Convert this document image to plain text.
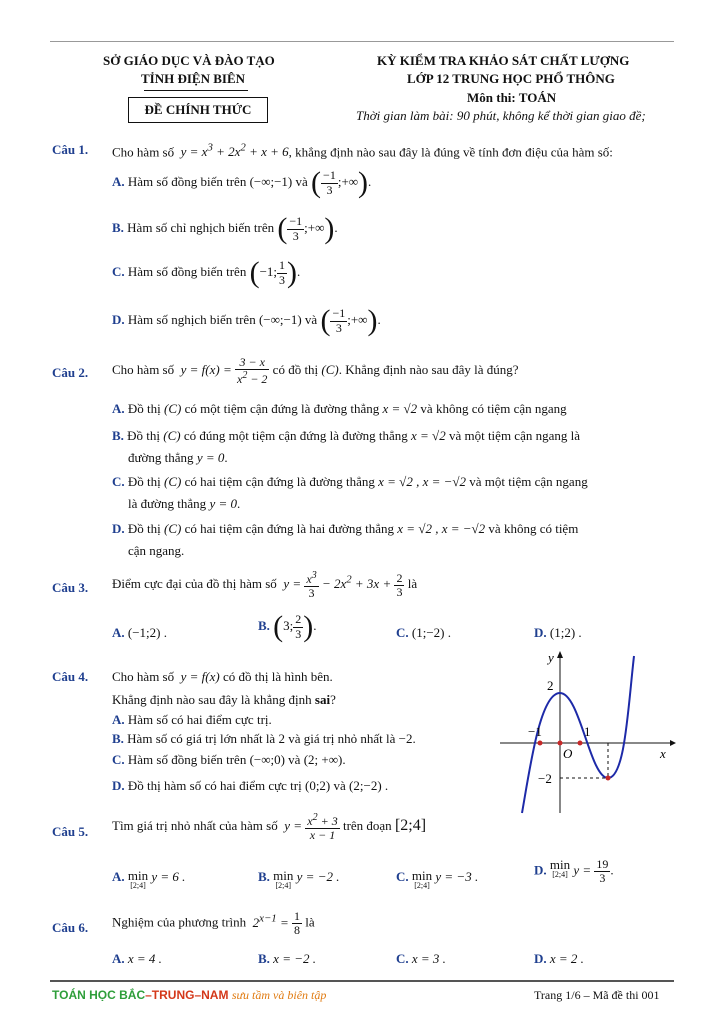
SỞ GIÁO DỤC VÀ ĐÀO TẠO
TỈNH ĐIỆN BIÊN
ĐỀ CHÍNH THỨC
KỲ KIỂM TRA KHẢO SÁT CHẤT LƯỢNG
LỚP 12 TRUNG HỌC PHỔ THÔNG
Môn thi: TOÁN
Thời gian làm bài: 90 phút, không kể thời gian giao đề;
Câu 1. Cho hàm số  $y = x^3 + 2x^2 + x + 6$, khẳng định nào sau đây là đúng về tính đơn điệu của hàm số:
A. Hàm số đồng biến trên (−∞;−1) và ( $\frac{-1}{3}$ ;+∞).
B. Hàm số chỉ nghịch biến trên ( $\frac{-1}{3}$ ;+∞).
C. Hàm số đồng biến trên (−1; $\frac{1}{3}$ ).
D. Hàm số nghịch biến trên (−∞;−1) và ( $\frac{-1}{3}$ ;+∞).
Câu 2. Cho hàm số  $y = f(x) = \frac{3 - x}{x^2 - 2}$ có đồ thị (C). Khẳng định nào sau đây là đúng?
A. Đồ thị (C) có một tiệm cận đứng là đường thẳng x = √2 và không có tiệm cận ngang
B. Đồ thị (C) có đúng một tiệm cận đứng là đường thẳng x = √2 và một tiệm cận ngang là
đường thẳng y = 0.
C. Đồ thị (C) có hai tiệm cận đứng là đường thẳng x = √2 , x = −√2 và một tiệm cận ngang
là đường thẳng y = 0.
D. Đồ thị (C) có hai tiệm cận đứng là hai đường thẳng x = √2 , x = −√2 và không có tiệm
cận ngang.
Câu 3. Điểm cực đại của đồ thị hàm số  $y = \frac{x^3}{3} - 2x^2 + 3x + \frac{2}{3}$ là
A. (−1;2) .	B. (3; $\frac{2}{3}$ ).	C. (1;−2) .	D. (1;2) .
Câu 4. Cho hàm số  y = f(x) có đồ thị là hình bên.
Khẳng định nào sau đây là khẳng định sai?
A. Hàm số có hai điểm cực trị.
B. Hàm số có giá trị lớn nhất là 2 và giá trị nhỏ nhất là −2.
C. Hàm số đồng biến trên (−∞;0) và (2; +∞).
D. Đồ thị hàm số có hai điểm cực trị (0;2) và (2;−2) .
y
x
2
−2
−1	1
O
Câu 5. Tìm giá trị nhỏ nhất của hàm số  $y = \frac{x^2 + 3}{x - 1}$ trên đoạn [2;4]
A. min
[2;4]
y = 6 .	B. min
[2;4]
y = −2 .	C. min
[2;4]
y = −3 .	D. min
[2;4] $y = \frac{19}{3}$ .
Câu 6. Nghiệm của phương trình  $2^{x-1} = \frac{1}{8}$ là
A. x = 4 .	B. x = −2 .	C. x = 3 .	D. x = 2 .
TOÁN HỌC BẮC–TRUNG–NAM sưu tầm và biên tập	Trang 1/6 – Mã đề thi 001
